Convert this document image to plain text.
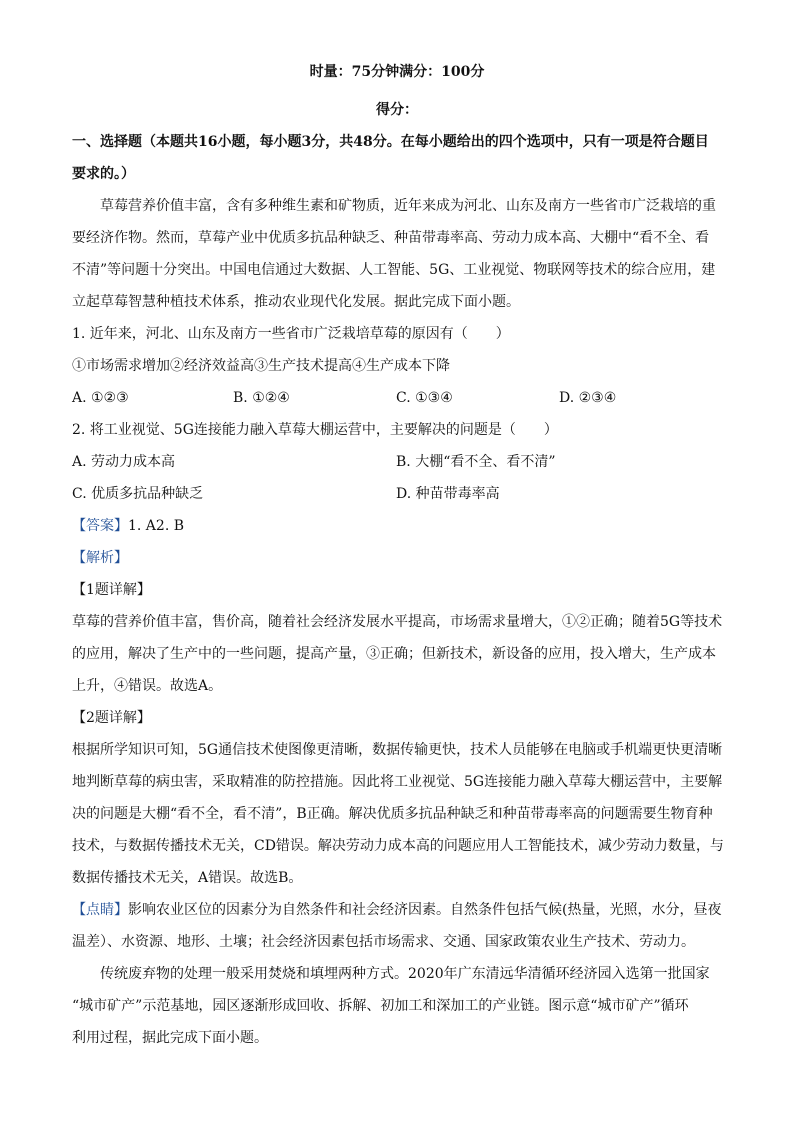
时量：75分钟满分：100分
得分：
一、选择题（本题共16小题，每小题3分，共48分。在每小题给出的四个选项中，只有一项是符合题目
要求的。）
草莓营养价值丰富，含有多种维生素和矿物质，近年来成为河北、山东及南方一些省市广泛栽培的重
要经济作物。然而，草莓产业中优质多抗品种缺乏、种苗带毒率高、劳动力成本高、大棚中“看不全、看
不清”等问题十分突出。中国电信通过大数据、人工智能、5G、工业视觉、物联网等技术的综合应用，建
立起草莓智慧种植技术体系，推动农业现代化发展。据此完成下面小题。
1. 近年来，河北、山东及南方一些省市广泛栽培草莓的原因有（　　）
①市场需求增加②经济效益高③生产技术提高④生产成本下降
A. ①②③	B. ①②④	C. ①③④	D. ②③④
2. 将工业视觉、5G连接能力融入草莓大棚运营中，主要解决的问题是（　　）
A. 劳动力成本高	B. 大棚“看不全、看不清”
C. 优质多抗品种缺乏	D. 种苗带毒率高
【答案】1. A2. B
【解析】
【1题详解】
草莓的营养价值丰富，售价高，随着社会经济发展水平提高，市场需求量增大，①②正确；随着5G等技术
的应用，解决了生产中的一些问题，提高产量，③正确；但新技术，新设备的应用，投入增大，生产成本
上升，④错误。故选A。
【2题详解】
根据所学知识可知，5G通信技术使图像更清晰，数据传输更快，技术人员能够在电脑或手机端更快更清晰
地判断草莓的病虫害，采取精准的防控措施。因此将工业视觉、5G连接能力融入草莓大棚运营中，主要解
决的问题是大棚“看不全，看不清”，B正确。解决优质多抗品种缺乏和种苗带毒率高的问题需要生物育种
技术，与数据传播技术无关，CD错误。解决劳动力成本高的问题应用人工智能技术，减少劳动力数量，与
数据传播技术无关，A错误。故选B。
【点睛】影响农业区位的因素分为自然条件和社会经济因素。自然条件包括气候(热量，光照，水分，昼夜
温差）、水资源、地形、土壤；社会经济因素包括市场需求、交通、国家政策农业生产技术、劳动力。
传统废弃物的处理一般采用焚烧和填埋两种方式。2020年广东清远华清循环经济园入选第一批国家
“城市矿产”示范基地，园区逐渐形成回收、拆解、初加工和深加工的产业链。图示意“城市矿产”循环
利用过程，据此完成下面小题。
